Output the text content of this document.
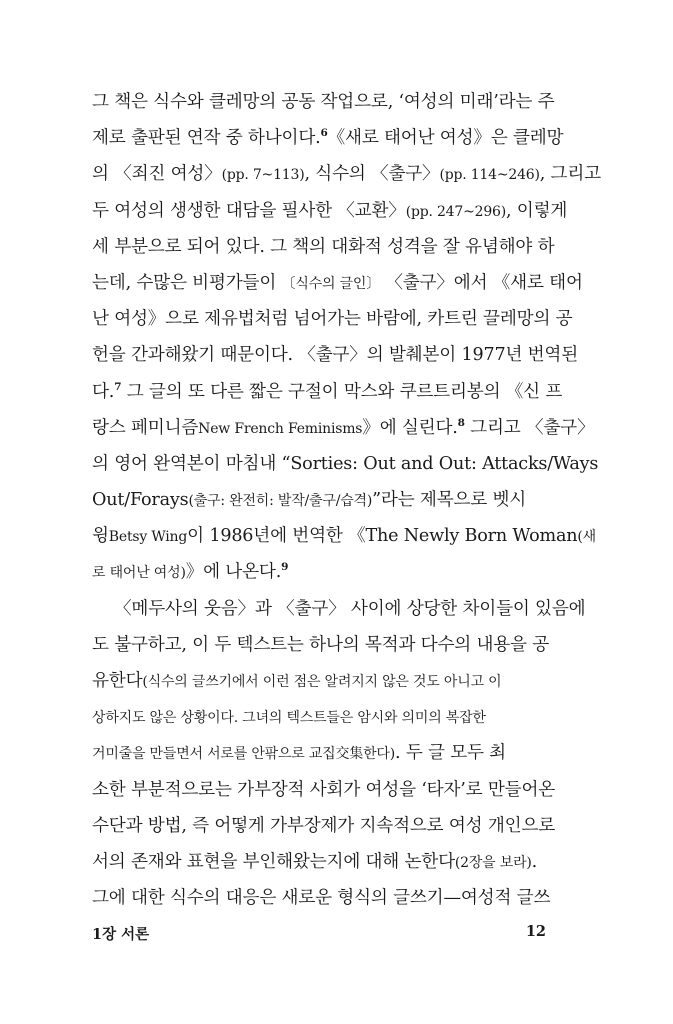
그 책은 식수와 클레망의 공동 작업으로, ‘여성의 미래’라는 주
제로 출판된 연작 중 하나이다.$^6$《새로 태어난 여성》은 클레망
의 〈죄진 여성〉(pp. 7~113), 식수의 〈출구〉(pp. 114~246), 그리고
두 여성의 생생한 대담을 필사한 〈교환〉(pp. 247~296), 이렇게
세 부분으로 되어 있다. 그 책의 대화적 성격을 잘 유념해야 하
는데, 수많은 비평가들이 〔식수의 글인〕 〈출구〉에서 《새로 태어
난 여성》으로 제유법처럼 넘어가는 바람에, 카트린 끌레망의 공
헌을 간과해왔기 때문이다. 〈출구〉의 발췌본이 1977년 번역된
다.$^7$ 그 글의 또 다른 짧은 구절이 막스와 쿠르트리봉의 《신 프
랑스 페미니즘New French Feminisms》에 실린다.$^8$ 그리고 〈출구〉
의 영어 완역본이 마침내 “Sorties: Out and Out: Attacks/Ways
Out/Forays(출구: 완전히: 발작/출구/습격)”라는 제목으로 벳시
윙Betsy Wing이 1986년에 번역한 《The Newly Born Woman(새
로 태어난 여성)》에 나온다.$^9$
〈메두사의 웃음〉과 〈출구〉 사이에 상당한 차이들이 있음에
도 불구하고, 이 두 텍스트는 하나의 목적과 다수의 내용을 공
유한다(식수의 글쓰기에서 이런 점은 알려지지 않은 것도 아니고 이
상하지도 않은 상황이다. 그녀의 텍스트들은 암시와 의미의 복잡한
거미줄을 만들면서 서로를 안팎으로 교집交集한다). 두 글 모두 최
소한 부분적으로는 가부장적 사회가 여성을 ‘타자’로 만들어온
수단과 방법, 즉 어떻게 가부장제가 지속적으로 여성 개인으로
서의 존재와 표현을 부인해왔는지에 대해 논한다(2장을 보라).
그에 대한 식수의 대응은 새로운 형식의 글쓰기—여성적 글쓰
1장 서론	12
